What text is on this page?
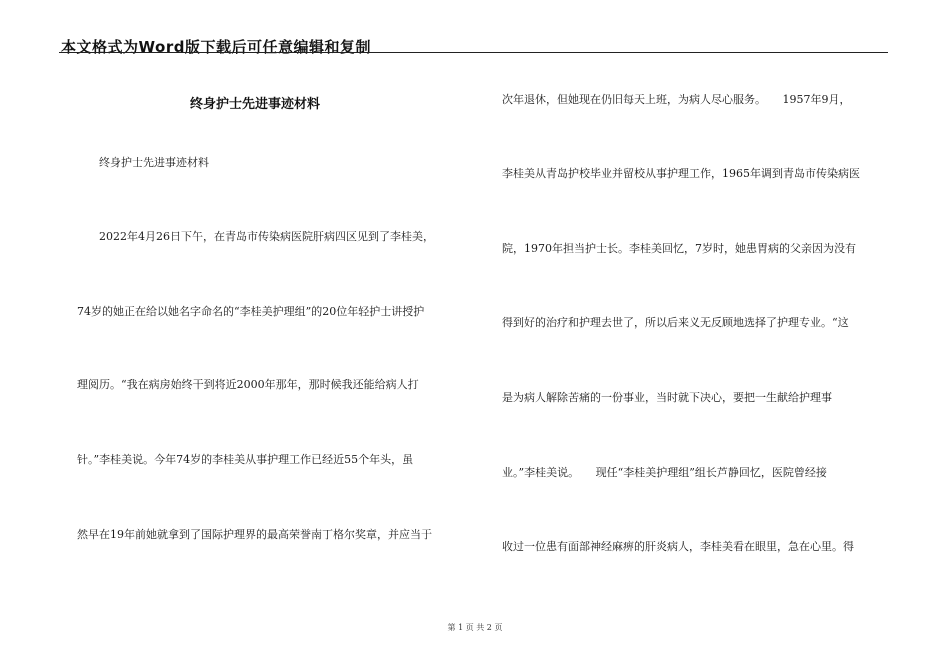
本文格式为Word版下载后可任意编辑和复制
终身护士先进事迹材料
　　终身护士先进事迹材料
　　2022年4月26日下午，在青岛市传染病医院肝病四区见到了李桂美，
74岁的她正在给以她名字命名的“李桂美护理组”的20位年轻护士讲授护
理阅历。“我在病房始终干到将近2000年那年，那时候我还能给病人打
针。”李桂美说。今年74岁的李桂美从事护理工作已经近55个年头，虽
然早在19年前她就拿到了国际护理界的最高荣誉南丁格尔奖章，并应当于
次年退休，但她现在仍旧每天上班，为病人尽心服务。　　1957年9月，
李桂美从青岛护校毕业并留校从事护理工作，1965年调到青岛市传染病医
院，1970年担当护士长。李桂美回忆，7岁时，她患胃病的父亲因为没有
得到好的治疗和护理去世了，所以后来义无反顾地选择了护理专业。“这
是为病人解除苦痛的一份事业，当时就下决心，要把一生献给护理事
业。”李桂美说。　　现任“李桂美护理组”组长芦静回忆，医院曾经接
收过一位患有面部神经麻痹的肝炎病人，李桂美看在眼里，急在心里。得
第 1 页 共 2 页
